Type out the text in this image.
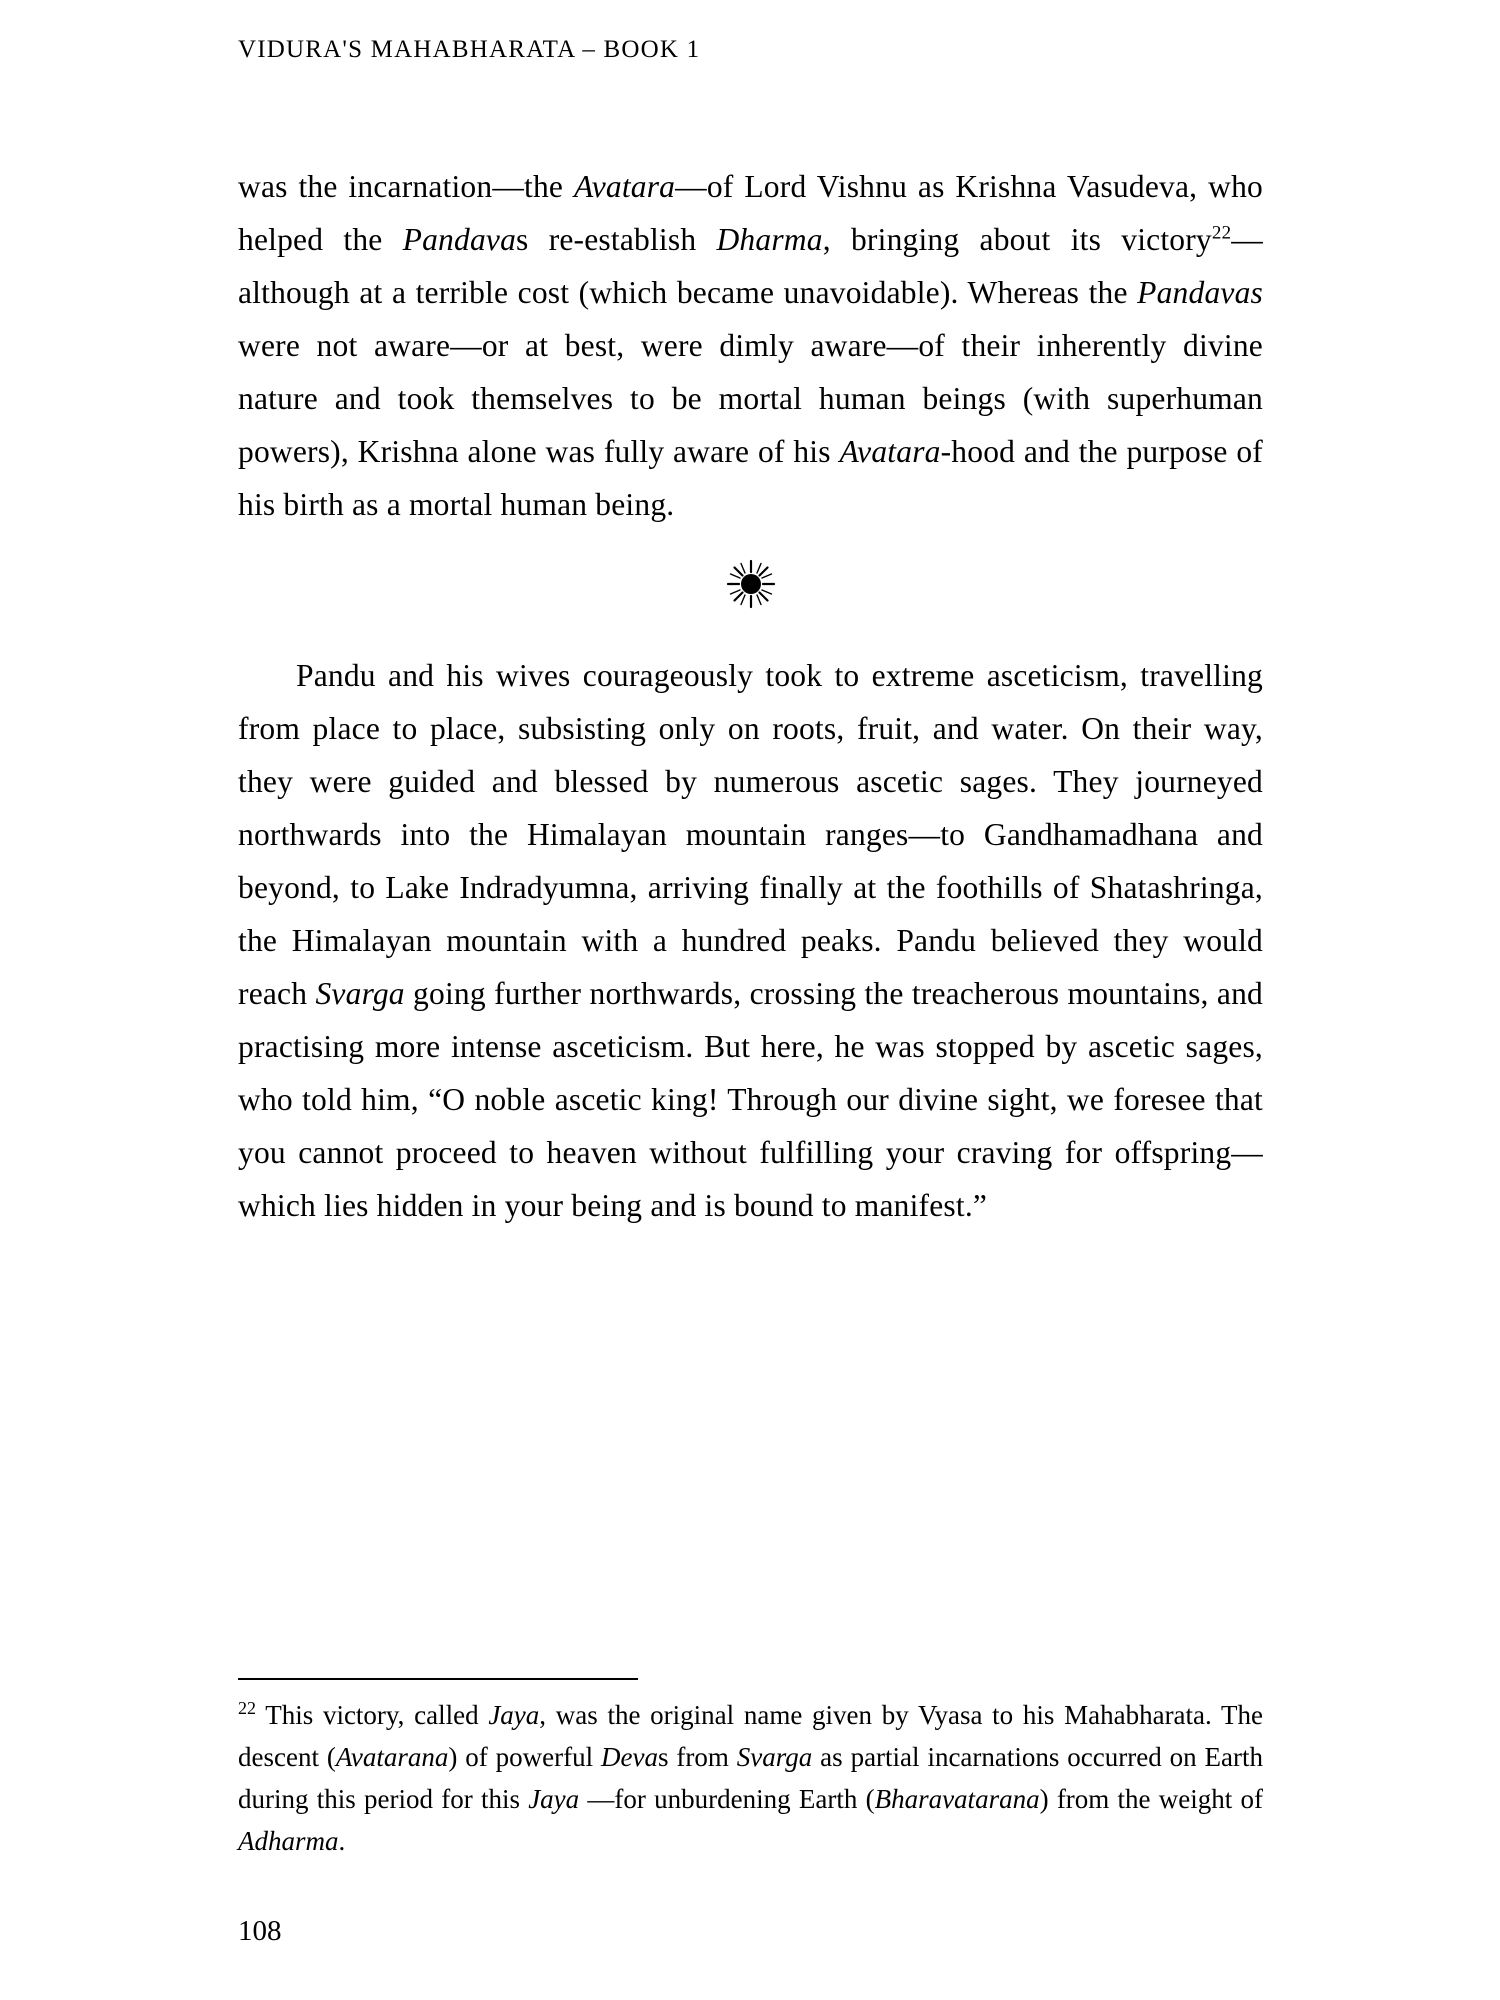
VIDURA'S MAHABHARATA – BOOK 1

was the incarnation—the Avatara—of Lord Vishnu as Krishna Vasudeva, who helped the Pandavas re-establish Dharma, bringing about its victory$^{22}$—although at a terrible cost (which became unavoidable). Whereas the Pandavas were not aware—or at best, were dimly aware—of their inherently divine nature and took themselves to be mortal human beings (with superhuman powers), Krishna alone was fully aware of his Avatara-hood and the purpose of his birth as a mortal human being.

Pandu and his wives courageously took to extreme asceticism, travelling from place to place, subsisting only on roots, fruit, and water. On their way, they were guided and blessed by numerous ascetic sages. They journeyed northwards into the Himalayan mountain ranges—to Gandhamadhana and beyond, to Lake Indradyumna, arriving finally at the foothills of Shatashringa, the Himalayan mountain with a hundred peaks. Pandu believed they would reach Svarga going further northwards, crossing the treacherous mountains, and practising more intense asceticism. But here, he was stopped by ascetic sages, who told him, “O noble ascetic king! Through our divine sight, we foresee that you cannot proceed to heaven without fulfilling your craving for offspring—which lies hidden in your being and is bound to manifest.”

$^{22}$ This victory, called Jaya, was the original name given by Vyasa to his Mahabharata. The descent (Avatarana) of powerful Devas from Svarga as partial incarnations occurred on Earth during this period for this Jaya —for unburdening Earth (Bharavatarana) from the weight of Adharma.

108
